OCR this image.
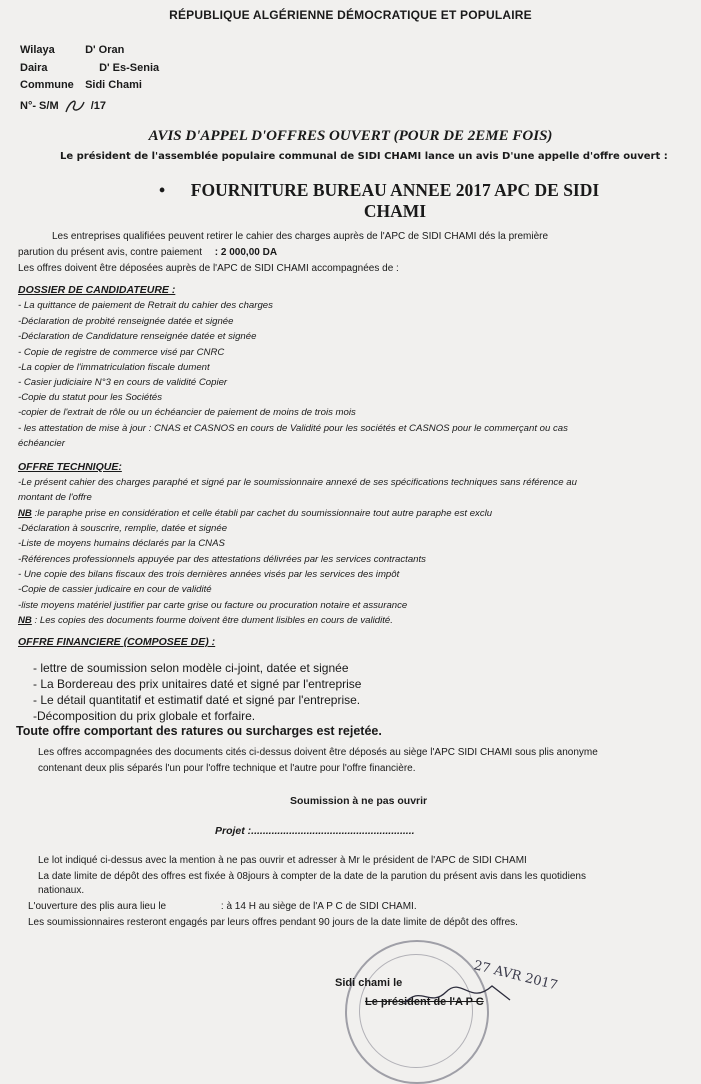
RÉPUBLIQUE ALGÉRIENNE DÉMOCRATIQUE ET POPULAIRE
Wilaya	D' Oran
Daira	D' Es-Senia
Commune Sidi Chami
N°- S/M	/17
AVIS D'APPEL D'OFFRES OUVERT (POUR DE 2EME FOIS)
Le président de l'assemblée populaire communal de SIDI CHAMI lance un avis D'une appelle d'offre ouvert :
• FOURNITURE BUREAU ANNEE 2017 APC DE SIDI CHAMI
Les entreprises qualifiées peuvent retirer le cahier des charges auprès de l'APC de SIDI CHAMI dés la première
parution du présent avis, contre paiement : 2 000,00 DA
Les offres doivent être déposées auprès de l'APC de SIDI CHAMI accompagnées de :
DOSSIER DE CANDIDATEURE :
- La quittance de paiement de Retrait du cahier des charges
-Déclaration de probité renseignée datée et signée
-Déclaration de Candidature renseignée datée et signée
- Copie de registre de commerce visé par CNRC
-La copier de l'immatriculation fiscale dument
- Casier judiciaire N°3 en cours de validité Copier
-Copie du statut pour les Sociétés
-copier de l'extrait de rôle ou un échéancier de paiement de moins de trois mois
- les attestation de mise à jour : CNAS et CASNOS en cours de Validité pour les sociétés et CASNOS pour le commerçant ou cas
échéancier
OFFRE TECHNIQUE:
-Le présent cahier des charges paraphé et signé par le soumissionnaire annexé de ses spécifications techniques sans référence au
montant de l'offre
NB :le paraphe prise en considération et celle établi par cachet du soumissionnaire tout autre paraphe est exclu
-Déclaration à souscrire, remplie, datée et signée
-Liste de moyens humains déclarés par la CNAS
-Références professionnels appuyée par des attestations délivrées par les services contractants
- Une copie des bilans fiscaux des trois dernières années visés par les services des impôt
-Copie de cassier judicaire en cour de validité
-liste moyens matériel justifier par carte grise ou facture ou procuration notaire et assurance
NB : Les copies des documents fourme doivent être dument lisibles en cours de validité.
OFFRE FINANCIERE (COMPOSEE DE) :
- lettre de soumission selon modèle ci-joint, datée et signée
- La Bordereau des prix unitaires daté et signé par l'entreprise
- Le détail quantitatif et estimatif daté et signé par l'entreprise.
-Décomposition du prix globale et forfaire.
Toute offre comportant des ratures ou surcharges est rejetée.
Les offres accompagnées des documents cités ci-dessus doivent être déposés au siège l'APC SIDI CHAMI sous plis anonyme
contenant deux plis séparés l'un pour l'offre technique et l'autre pour l'offre financière.
Soumission à ne pas ouvrir
Projet :........................................................
Le lot indiqué ci-dessus avec la mention à ne pas ouvrir et adresser à Mr le président de l'APC de SIDI CHAMI
La date limite de dépôt des offres est fixée à 08jours à compter de la date de la parution du présent avis dans les quotidiens
nationaux.
L'ouverture des plis aura lieu le	: à 14 H au siège de l'A P C de SIDI CHAMI.
Les soumissionnaires resteront engagés par leurs offres pendant 90 jours de la date limite de dépôt des offres.
27 AVR 2017
Sidi chami le
Le président de l'A P C
